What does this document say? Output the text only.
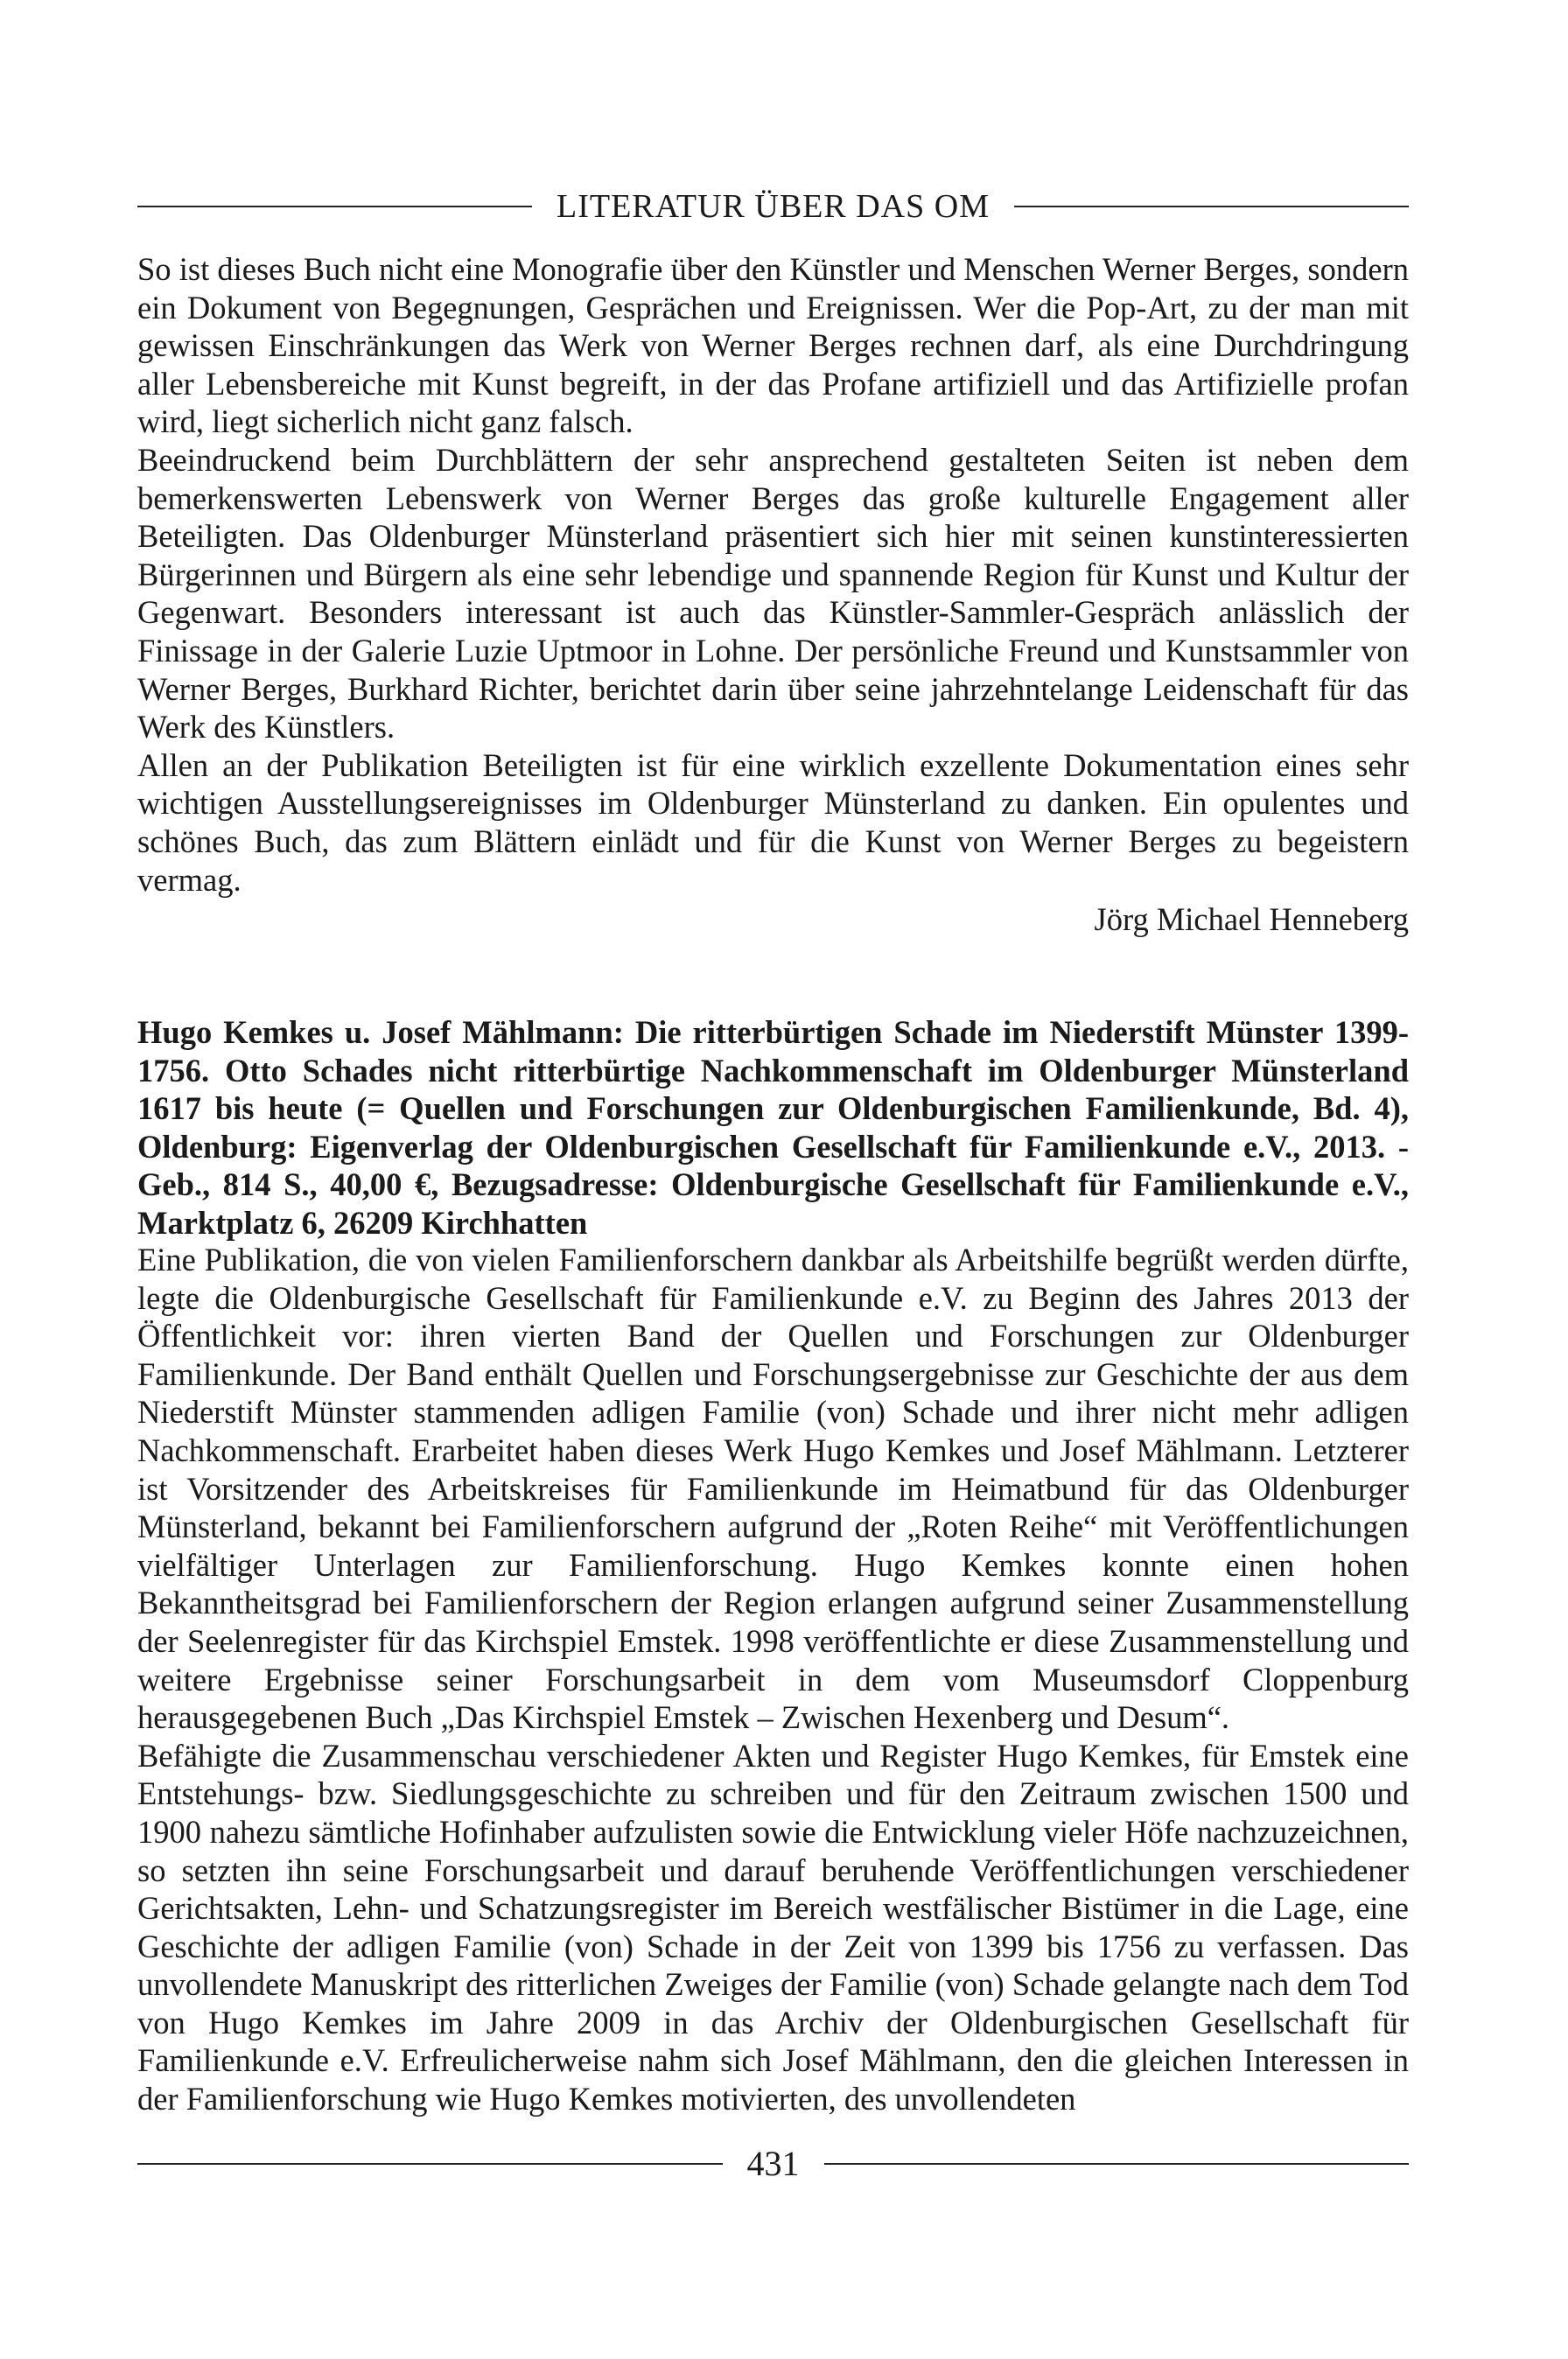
LITERATUR ÜBER DAS OM

So ist dieses Buch nicht eine Monografie über den Künstler und Menschen Werner Berges, sondern ein Dokument von Begegnungen, Gesprächen und Ereignissen. Wer die Pop-Art, zu der man mit gewissen Einschränkungen das Werk von Werner Berges rechnen darf, als eine Durchdringung aller Lebensbereiche mit Kunst begreift, in der das Profane artifiziell und das Artifizielle profan wird, liegt sicherlich nicht ganz falsch.

Beeindruckend beim Durchblättern der sehr ansprechend gestalteten Seiten ist neben dem bemerkenswerten Lebenswerk von Werner Berges das große kulturelle Engagement aller Beteiligten. Das Oldenburger Münsterland präsentiert sich hier mit seinen kunstinteressierten Bürgerinnen und Bürgern als eine sehr lebendige und spannende Region für Kunst und Kultur der Gegenwart. Besonders interessant ist auch das Künstler-Sammler-Gespräch anlässlich der Finissage in der Galerie Luzie Uptmoor in Lohne. Der persönliche Freund und Kunstsammler von Werner Berges, Burkhard Richter, berichtet darin über seine jahrzehntelange Leidenschaft für das Werk des Künstlers.

Allen an der Publikation Beteiligten ist für eine wirklich exzellente Dokumentation eines sehr wichtigen Ausstellungsereignisses im Oldenburger Münsterland zu danken. Ein opulentes und schönes Buch, das zum Blättern einlädt und für die Kunst von Werner Berges zu begeistern vermag.

Jörg Michael Henneberg

Hugo Kemkes u. Josef Mählmann: Die ritterbürtigen Schade im Niederstift Münster 1399-1756. Otto Schades nicht ritterbürtige Nachkommenschaft im Oldenburger Münsterland 1617 bis heute (= Quellen und Forschungen zur Oldenburgischen Familienkunde, Bd. 4), Oldenburg: Eigenverlag der Oldenburgischen Gesellschaft für Familienkunde e.V., 2013. - Geb., 814 S., 40,00 €, Bezugsadresse: Oldenburgische Gesellschaft für Familienkunde e.V., Marktplatz 6, 26209 Kirchhatten

Eine Publikation, die von vielen Familienforschern dankbar als Arbeitshilfe begrüßt werden dürfte, legte die Oldenburgische Gesellschaft für Familienkunde e.V. zu Beginn des Jahres 2013 der Öffentlichkeit vor: ihren vierten Band der Quellen und Forschungen zur Oldenburger Familienkunde. Der Band enthält Quellen und Forschungsergebnisse zur Geschichte der aus dem Niederstift Münster stammenden adligen Familie (von) Schade und ihrer nicht mehr adligen Nachkommenschaft. Erarbeitet haben dieses Werk Hugo Kemkes und Josef Mählmann. Letzterer ist Vorsitzender des Arbeitskreises für Familienkunde im Heimatbund für das Oldenburger Münsterland, bekannt bei Familienforschern aufgrund der „Roten Reihe“ mit Veröffentlichungen vielfältiger Unterlagen zur Familienforschung. Hugo Kemkes konnte einen hohen Bekanntheitsgrad bei Familienforschern der Region erlangen aufgrund seiner Zusammenstellung der Seelenregister für das Kirchspiel Emstek. 1998 veröffentlichte er diese Zusammenstellung und weitere Ergebnisse seiner Forschungsarbeit in dem vom Museumsdorf Cloppenburg herausgegebenen Buch „Das Kirchspiel Emstek – Zwischen Hexenberg und Desum“.

Befähigte die Zusammenschau verschiedener Akten und Register Hugo Kemkes, für Emstek eine Entstehungs- bzw. Siedlungsgeschichte zu schreiben und für den Zeitraum zwischen 1500 und 1900 nahezu sämtliche Hofinhaber aufzulisten sowie die Entwicklung vieler Höfe nachzuzeichnen, so setzten ihn seine Forschungsarbeit und darauf beruhende Veröffentlichungen verschiedener Gerichtsakten, Lehn- und Schatzungsregister im Bereich westfälischer Bistümer in die Lage, eine Geschichte der adligen Familie (von) Schade in der Zeit von 1399 bis 1756 zu verfassen. Das unvollendete Manuskript des ritterlichen Zweiges der Familie (von) Schade gelangte nach dem Tod von Hugo Kemkes im Jahre 2009 in das Archiv der Oldenburgischen Gesellschaft für Familienkunde e.V. Erfreulicherweise nahm sich Josef Mählmann, den die gleichen Interessen in der Familienforschung wie Hugo Kemkes motivierten, des unvollendeten

431
